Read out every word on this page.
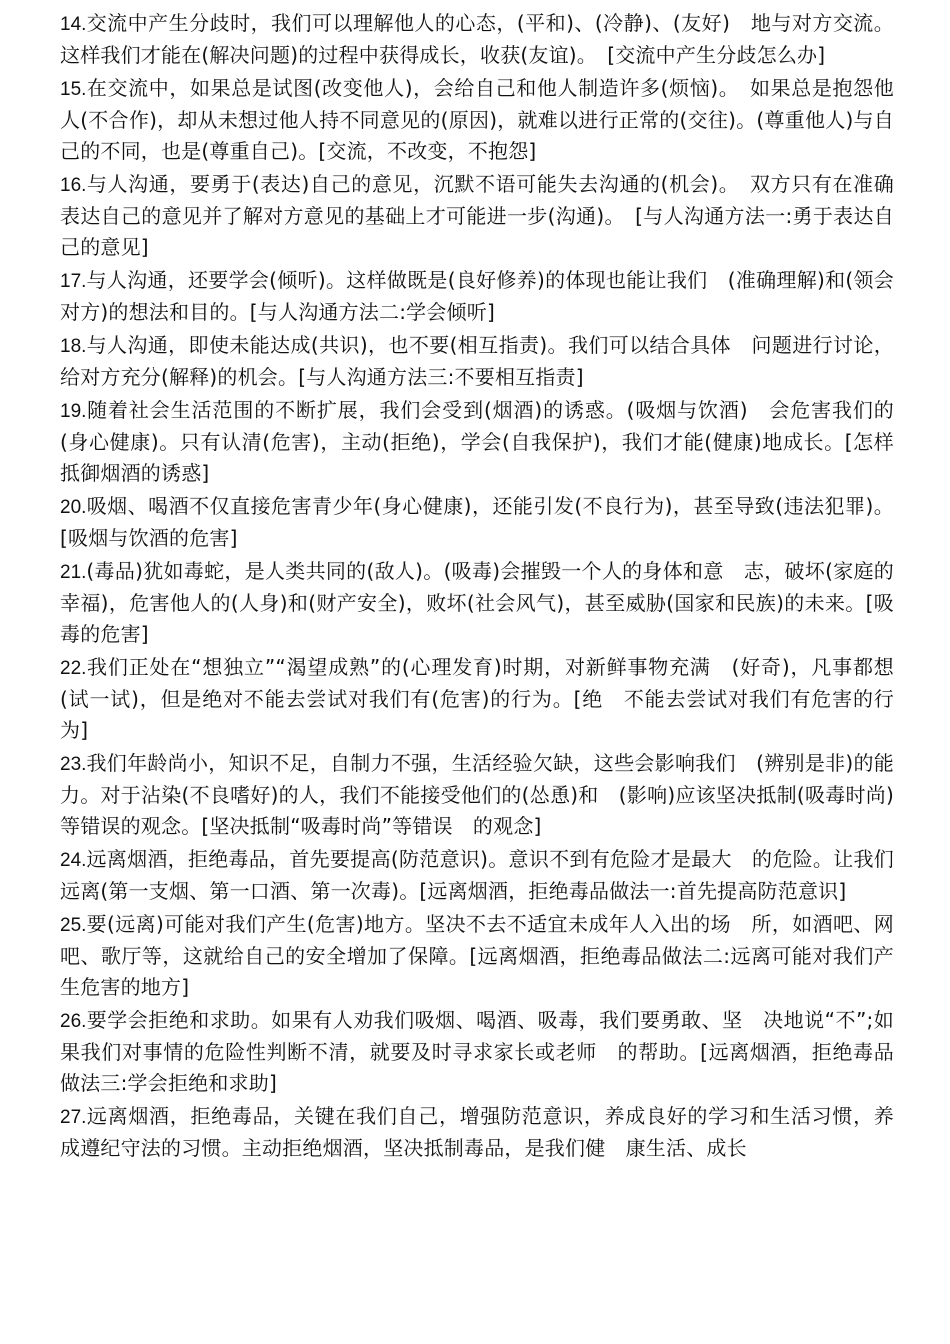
14.交流中产生分歧时，我们可以理解他人的心态，(平和)、(冷静)、(友好)　地与对方交流。这样我们才能在(解决问题)的过程中获得成长，收获(友谊)。　[交流中产生分歧怎么办]

15.在交流中，如果总是试图(改变他人)，会给自己和他人制造许多(烦恼)。　如果总是抱怨他人(不合作)，却从未想过他人持不同意见的(原因)，就难以进行正常的(交往)。(尊重他人)与自己的不同，也是(尊重自己)。[交流，不改变，不抱怨]

16.与人沟通，要勇于(表达)自己的意见，沉默不语可能失去沟通的(机会)。　双方只有在准确表达自己的意见并了解对方意见的基础上才可能进一步(沟通)。　[与人沟通方法一:勇于表达自己的意见]

17.与人沟通，还要学会(倾听)。这样做既是(良好修养)的体现也能让我们　(准确理解)和(领会对方)的想法和目的。[与人沟通方法二:学会倾听]

18.与人沟通，即使未能达成(共识)，也不要(相互指责)。我们可以结合具体　问题进行讨论，给对方充分(解释)的机会。[与人沟通方法三:不要相互指责]

19.随着社会生活范围的不断扩展，我们会受到(烟酒)的诱惑。(吸烟与饮酒)　会危害我们的(身心健康)。只有认清(危害)，主动(拒绝)，学会(自我保护)，我们才能(健康)地成长。[怎样抵御烟酒的诱惑]

20.吸烟、喝酒不仅直接危害青少年(身心健康)，还能引发(不良行为)，甚至导致(违法犯罪)。[吸烟与饮酒的危害]

21.(毒品)犹如毒蛇，是人类共同的(敌人)。(吸毒)会摧毁一个人的身体和意　志，破坏(家庭的幸福)，危害他人的(人身)和(财产安全)，败坏(社会风气)，甚至威胁(国家和民族)的未来。[吸毒的危害]

22.我们正处在“想独立”“渴望成熟”的(心理发育)时期，对新鲜事物充满　(好奇)，凡事都想(试一试)，但是绝对不能去尝试对我们有(危害)的行为。[绝　不能去尝试对我们有危害的行为]

23.我们年龄尚小，知识不足，自制力不强，生活经验欠缺，这些会影响我们　(辨别是非)的能力。对于沾染(不良嗜好)的人，我们不能接受他们的(怂恿)和　(影响)应该坚决抵制(吸毒时尚)等错误的观念。[坚决抵制“吸毒时尚”等错误　的观念]

24.远离烟酒，拒绝毒品，首先要提高(防范意识)。意识不到有危险才是最大　的危险。让我们远离(第一支烟、第一口酒、第一次毒)。[远离烟酒，拒绝毒品做法一:首先提高防范意识]

25.要(远离)可能对我们产生(危害)地方。坚决不去不适宜未成年人入出的场　所，如酒吧、网吧、歌厅等，这就给自己的安全增加了保障。[远离烟酒，拒绝毒品做法二:远离可能对我们产生危害的地方]

26.要学会拒绝和求助。如果有人劝我们吸烟、喝酒、吸毒，我们要勇敢、坚　决地说“不”;如果我们对事情的危险性判断不清，就要及时寻求家长或老师　的帮助。[远离烟酒，拒绝毒品做法三:学会拒绝和求助]

27.远离烟酒，拒绝毒品，关键在我们自己，增强防范意识，养成良好的学习和生活习惯，养成遵纪守法的习惯。主动拒绝烟酒，坚决抵制毒品，是我们健　康生活、成长
